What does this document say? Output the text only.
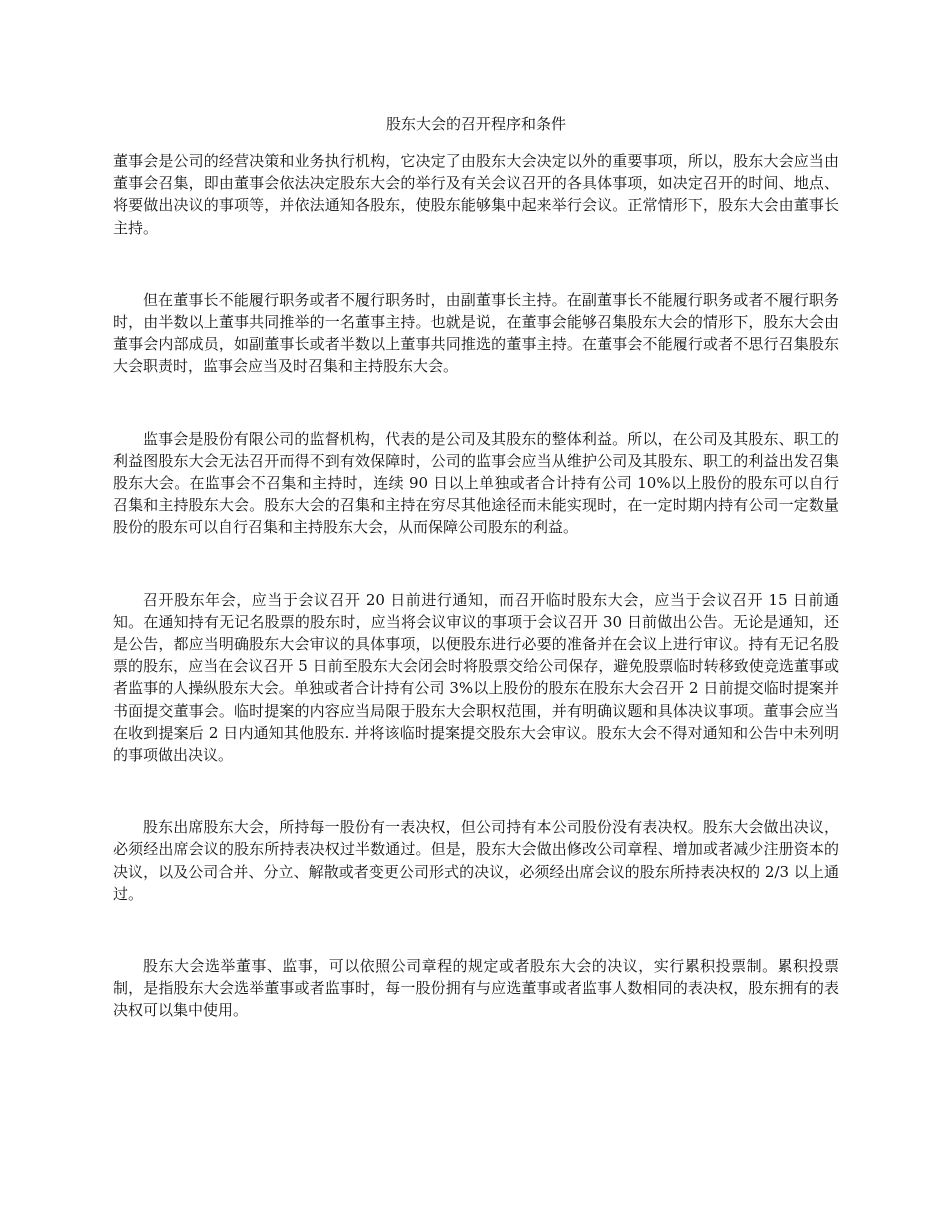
股东大会的召开程序和条件

董事会是公司的经营决策和业务执行机构，它决定了由股东大会决定以外的重要事项，所以，股东大会应当由董事会召集，即由董事会依法决定股东大会的举行及有关会议召开的各具体事项，如决定召开的时间、地点、将要做出决议的事项等，并依法通知各股东，使股东能够集中起来举行会议。正常情形下，股东大会由董事长主持。

但在董事长不能履行职务或者不履行职务时，由副董事长主持。在副董事长不能履行职务或者不履行职务时，由半数以上董事共同推举的一名董事主持。也就是说，在董事会能够召集股东大会的情形下，股东大会由董事会内部成员，如副董事长或者半数以上董事共同推选的董事主持。在董事会不能履行或者不思行召集股东大会职责时，监事会应当及时召集和主持股东大会。

监事会是股份有限公司的监督机构，代表的是公司及其股东的整体利益。所以，在公司及其股东、职工的利益图股东大会无法召开而得不到有效保障时，公司的监事会应当从维护公司及其股东、职工的利益出发召集股东大会。在监事会不召集和主持时，连续 90 日以上单独或者合计持有公司 10%以上股份的股东可以自行召集和主持股东大会。股东大会的召集和主持在穷尽其他途径而未能实现时，在一定时期内持有公司一定数量股份的股东可以自行召集和主持股东大会，从而保障公司股东的利益。

召开股东年会，应当于会议召开 20 日前进行通知，而召开临时股东大会，应当于会议召开 15 日前通知。在通知持有无记名股票的股东时，应当将会议审议的事项于会议召开 30 日前做出公告。无论是通知，还是公告，都应当明确股东大会审议的具体事项，以便股东进行必要的准备并在会议上进行审议。持有无记名股票的股东，应当在会议召开 5 日前至股东大会闭会时将股票交给公司保存，避免股票临时转移致使竞选董事或者监事的人操纵股东大会。单独或者合计持有公司 3%以上股份的股东在股东大会召开 2 日前提交临时提案并书面提交董事会。临时提案的内容应当局限于股东大会职权范围，并有明确议题和具体决议事项。董事会应当在收到提案后 2 日内通知其他股东. 并将该临时提案提交股东大会审议。股东大会不得对通知和公告中未列明的事项做出决议。

股东出席股东大会，所持每一股份有一表决权，但公司持有本公司股份没有表决权。股东大会做出决议，必须经出席会议的股东所持表决权过半数通过。但是，股东大会做出修改公司章程、增加或者减少注册资本的决议，以及公司合并、分立、解散或者变更公司形式的决议，必须经出席会议的股东所持表决权的 2/3 以上通过。

股东大会选举董事、监事，可以依照公司章程的规定或者股东大会的决议，实行累积投票制。累积投票制，是指股东大会选举董事或者监事时，每一股份拥有与应选董事或者监事人数相同的表决权，股东拥有的表决权可以集中使用。
